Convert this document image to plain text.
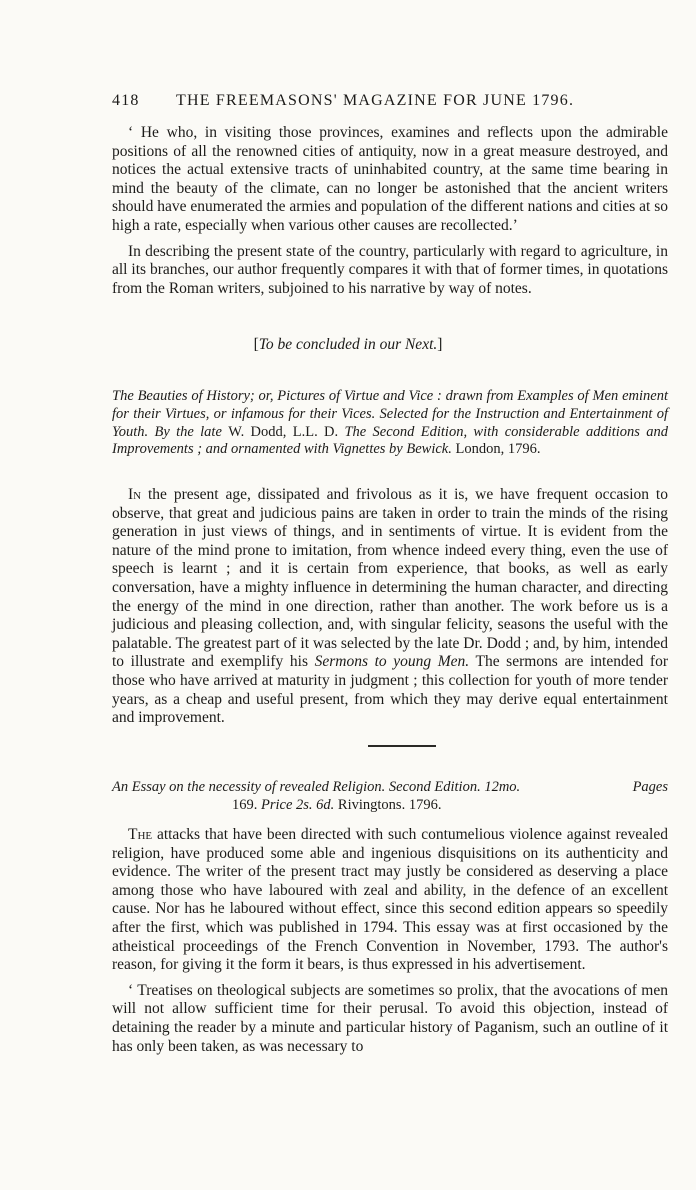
418 THE FREEMASONS' MAGAZINE FOR JUNE 1796.

‘ He who, in visiting those provinces, examines and reflects upon the admirable positions of all the renowned cities of antiquity, now in a great measure destroyed, and notices the actual extensive tracts of uninhabited country, at the same time bearing in mind the beauty of the climate, can no longer be astonished that the ancient writers should have enumerated the armies and population of the different nations and cities at so high a rate, especially when various other causes are recollected.’

In describing the present state of the country, particularly with regard to agriculture, in all its branches, our author frequently compares it with that of former times, in quotations from the Roman writers, subjoined to his narrative by way of notes.

[To be concluded in our Next.]
The Beauties of History; or, Pictures of Virtue and Vice : drawn from Examples of Men eminent for their Virtues, or infamous for their Vices. Selected for the Instruction and Entertainment of Youth. By the late W. Dodd, L.L. D. The Second Edition, with considerable additions and Improvements ; and ornamented with Vignettes by Bewick. London, 1796.

In the present age, dissipated and frivolous as it is, we have frequent occasion to observe, that great and judicious pains are taken in order to train the minds of the rising generation in just views of things, and in sentiments of virtue. It is evident from the nature of the mind prone to imitation, from whence indeed every thing, even the use of speech is learnt ; and it is certain from experience, that books, as well as early conversation, have a mighty influence in determining the human character, and directing the energy of the mind in one direction, rather than another. The work before us is a judicious and pleasing collection, and, with singular felicity, seasons the useful with the palatable. The greatest part of it was selected by the late Dr. Dodd ; and, by him, intended to illustrate and exemplify his Sermons to young Men. The sermons are intended for those who have arrived at maturity in judgment ; this collection for youth of more tender years, as a cheap and useful present, from which they may derive equal entertainment and improvement.

An Essay on the necessity of revealed Religion. Second Edition. 12mo.	Pages
169. Price 2s. 6d. Rivingtons. 1796.

The attacks that have been directed with such contumelious violence against revealed religion, have produced some able and ingenious disquisitions on its authenticity and evidence. The writer of the present tract may justly be considered as deserving a place among those who have laboured with zeal and ability, in the defence of an excellent cause. Nor has he laboured without effect, since this second edition appears so speedily after the first, which was published in 1794. This essay was at first occasioned by the atheistical proceedings of the French Convention in November, 1793. The author's reason, for giving it the form it bears, is thus expressed in his advertisement.

‘ Treatises on theological subjects are sometimes so prolix, that the avocations of men will not allow sufficient time for their perusal. To avoid this objection, instead of detaining the reader by a minute and particular history of Paganism, such an outline of it has only been taken, as was necessary to
